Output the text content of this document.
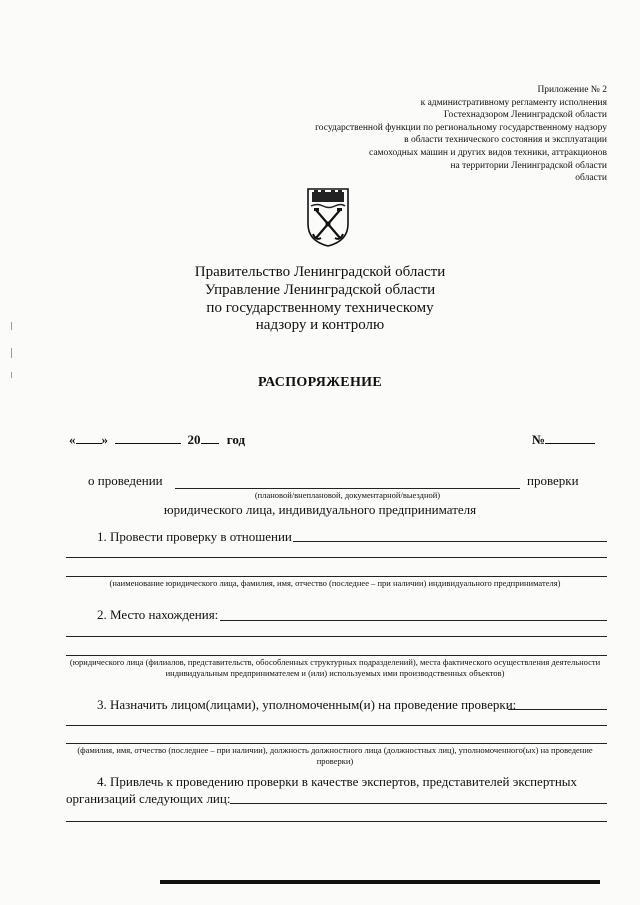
Приложение № 2
к административному регламенту исполнения
Гостехнадзором Ленинградской области
государственной функции по региональному государственному надзору
в области технического состояния и эксплуатации
самоходных машин и других видов техники, аттракционов
на территории Ленинградской области
области
Правительство Ленинградской области
Управление Ленинградской области
по государственному техническому
надзору и контролю
РАСПОРЯЖЕНИЕ
« »	20 год	№
о проведении	проверки
(плановой/внеплановой, документарной/выездной)
юридического лица, индивидуального предпринимателя
1. Провести проверку в отношении
(наименование юридического лица, фамилия, имя, отчество (последнее – при наличии) индивидуального предпринимателя)
2. Место нахождения:
(юридического лица (филиалов, представительств, обособленных структурных подразделений), места фактического осуществления деятельности индивидуальным предпринимателем и (или) используемых ими производственных объектов)
3. Назначить лицом(лицами), уполномоченным(и) на проведение проверки:
(фамилия, имя, отчество (последнее – при наличии), должность должностного лица (должностных лиц), уполномоченного(ых) на проведение проверки)
4. Привлечь к проведению проверки в качестве экспертов, представителей экспертных
организаций следующих лиц:
